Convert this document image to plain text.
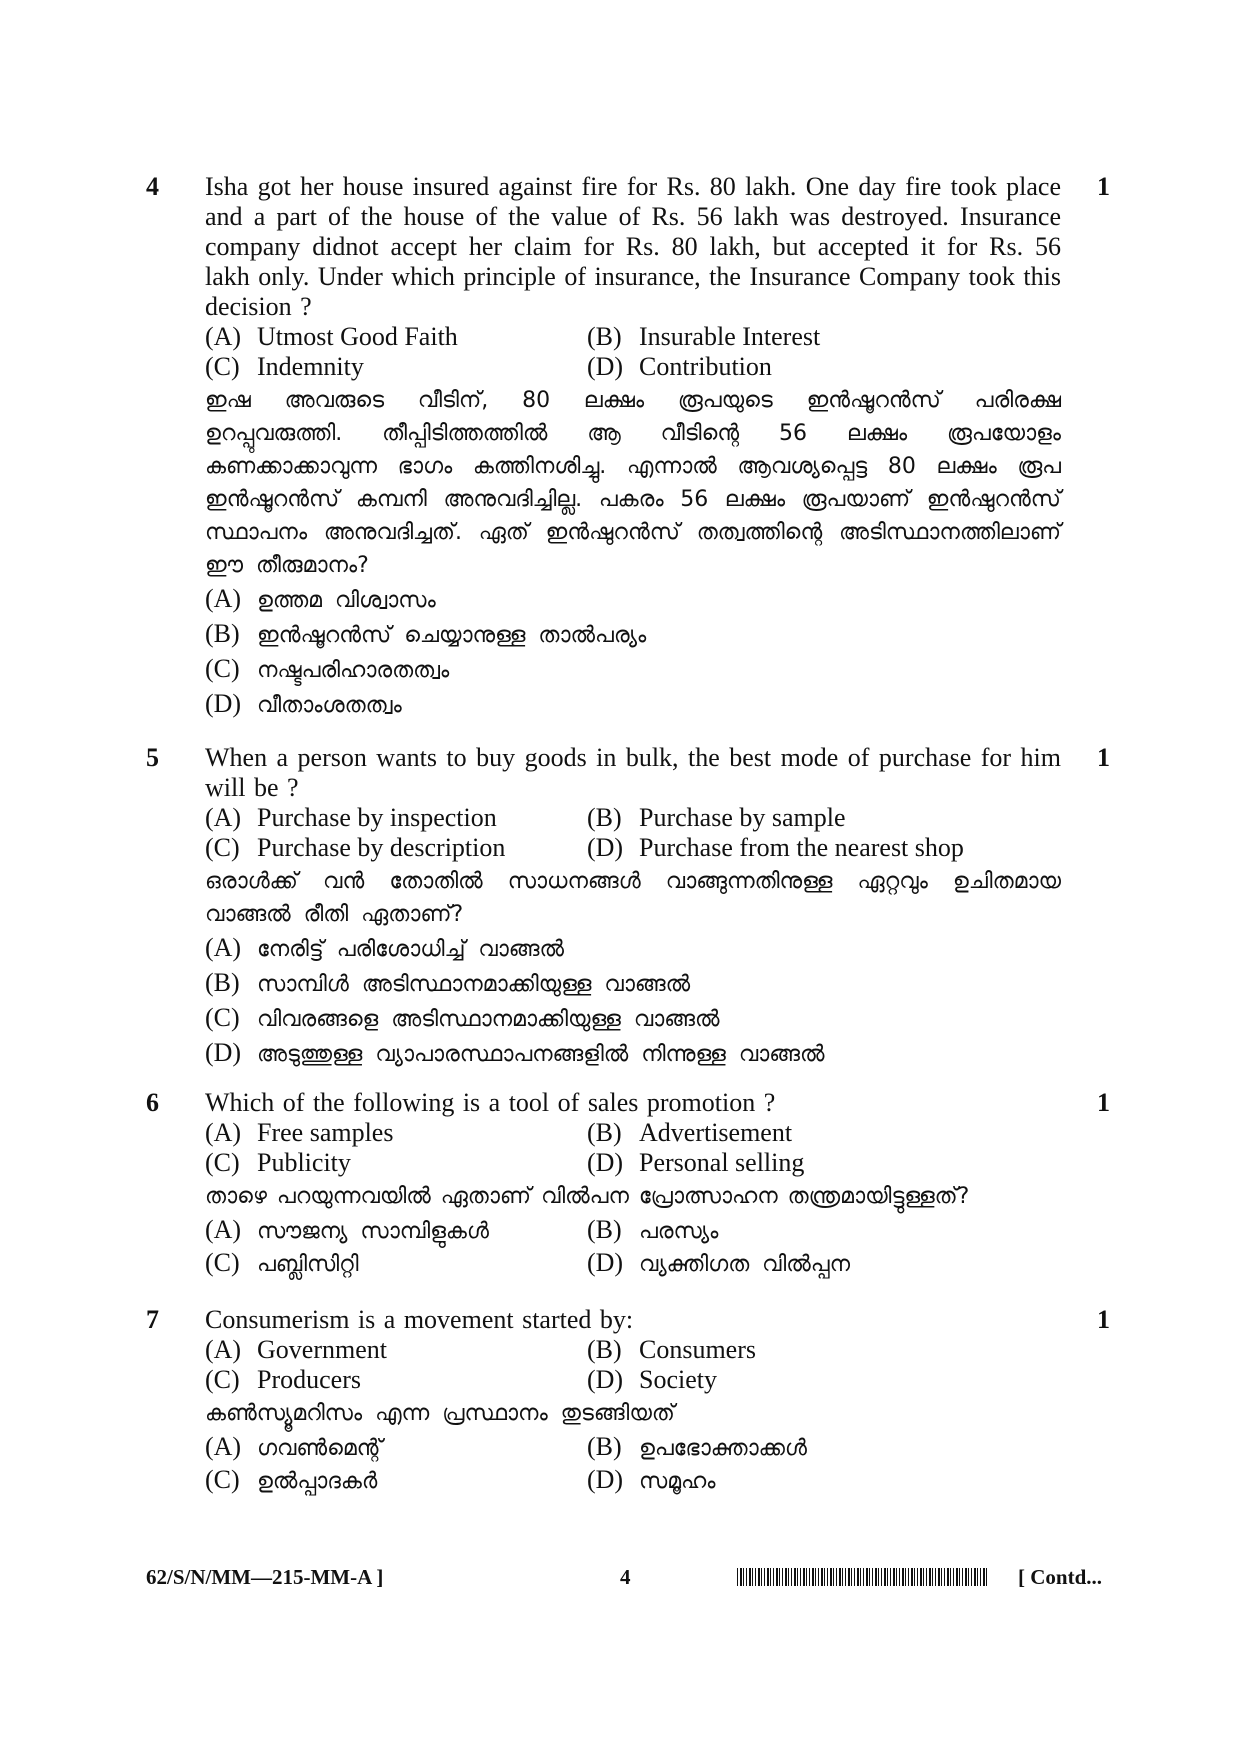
4	1

Isha got her house insured against fire for Rs. 80 lakh. One day fire took place and a part of the house of the value of Rs. 56 lakh was destroyed. Insurance company didnot accept her claim for Rs. 80 lakh, but accepted it for Rs. 56 lakh only. Under which principle of insurance, the Insurance Company took this decision ?

(A) Utmost Good Faith	(B) Insurable Interest
(C) Indemnity	(D) Contribution

ഇഷ അവരുടെ വീടിന്, 80 ലക്ഷം രൂപയുടെ ഇൻഷൂറൻസ് പരിരക്ഷ ഉറപ്പുവരുത്തി. തീപ്പിടിത്തത്തിൽ ആ വീടിന്റെ 56 ലക്ഷം രൂപയോളം കണക്കാക്കാവുന്ന ഭാഗം കത്തിനശിച്ചു. എന്നാൽ ആവശ്യപ്പെട്ട 80 ലക്ഷം രൂപ ഇൻഷൂറൻസ് കമ്പനി അനുവദിച്ചില്ല. പകരം 56 ലക്ഷം രൂപയാണ് ഇൻഷുറൻസ് സ്ഥാപനം അനുവദിച്ചത്. ഏത് ഇൻഷുറൻസ് തത്വത്തിന്റെ അടിസ്ഥാനത്തിലാണ് ഈ തീരുമാനം?

(A) ഉത്തമ വിശ്വാസം
(B) ഇൻഷൂറൻസ് ചെയ്യാനുള്ള താൽപര്യം
(C) നഷ്ടപരിഹാരതത്വം
(D) വീതാംശതത്വം
5	1

When a person wants to buy goods in bulk, the best mode of purchase for him will be ?

(A) Purchase by inspection	(B) Purchase by sample
(C) Purchase by description	(D) Purchase from the nearest shop

ഒരാൾക്ക് വൻ തോതിൽ സാധനങ്ങൾ വാങ്ങുന്നതിനുള്ള ഏറ്റവും ഉചിതമായ വാങ്ങൽ രീതി ഏതാണ്?

(A) നേരിട്ട് പരിശോധിച്ച് വാങ്ങൽ
(B) സാമ്പിൾ അടിസ്ഥാനമാക്കിയുള്ള വാങ്ങൽ
(C) വിവരങ്ങളെ അടിസ്ഥാനമാക്കിയുള്ള വാങ്ങൽ
(D) അടുത്തുള്ള വ്യാപാരസ്ഥാപനങ്ങളിൽ നിന്നുള്ള വാങ്ങൽ
6	1

Which of the following is a tool of sales promotion ?

(A) Free samples	(B) Advertisement
(C) Publicity	(D) Personal selling

താഴെ പറയുന്നവയിൽ ഏതാണ് വിൽപന പ്രോത്സാഹന തന്ത്രമായിട്ടുള്ളത്?

(A) സൗജന്യ സാമ്പിളുകൾ	(B) പരസ്യം
(C) പബ്ലിസിറ്റി	(D) വ്യക്തിഗത വിൽപ്പന
7	1

Consumerism is a movement started by:

(A) Government	(B) Consumers
(C) Producers	(D) Society

കൺസ്യൂമറിസം എന്ന പ്രസ്ഥാനം തുടങ്ങിയത്

(A) ഗവൺമെന്റ്	(B) ഉപഭോക്താക്കൾ
(C) ഉൽപ്പാദകർ	(D) സമൂഹം
62/S/N/MM—215-MM-A ]	4	[ Contd...
